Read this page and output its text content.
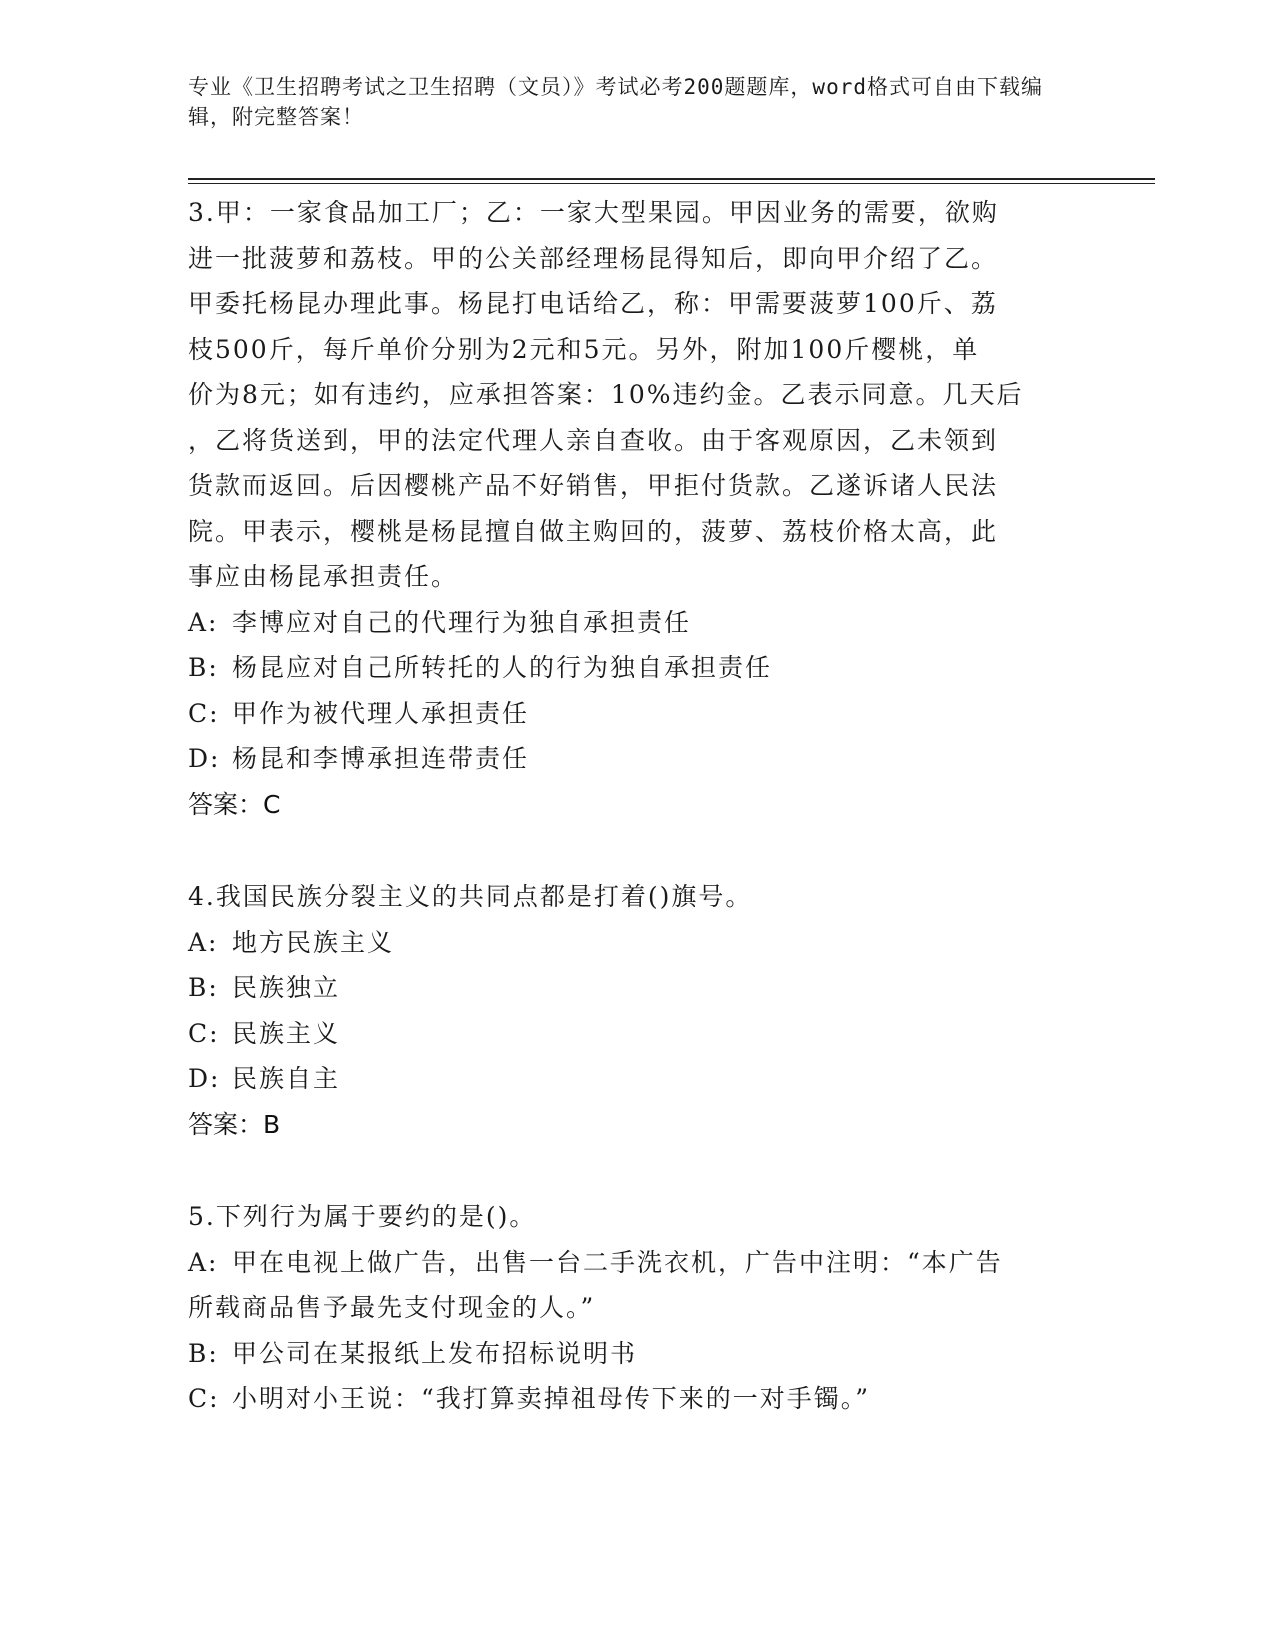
专业《卫生招聘考试之卫生招聘（文员）》考试必考200题题库，word格式可自由下载编辑，附完整答案！

3.甲：一家食品加工厂；乙：一家大型果园。甲因业务的需要，欲购

进一批菠萝和荔枝。甲的公关部经理杨昆得知后，即向甲介绍了乙。

甲委托杨昆办理此事。杨昆打电话给乙，称：甲需要菠萝100斤、荔

枝500斤，每斤单价分别为2元和5元。另外，附加100斤樱桃，单

价为8元；如有违约，应承担答案：10%违约金。乙表示同意。几天后

，乙将货送到，甲的法定代理人亲自查收。由于客观原因，乙未领到

货款而返回。后因樱桃产品不好销售，甲拒付货款。乙遂诉诸人民法

院。甲表示，樱桃是杨昆擅自做主购回的，菠萝、荔枝价格太高，此

事应由杨昆承担责任。

A: 李博应对自己的代理行为独自承担责任

B: 杨昆应对自己所转托的人的行为独自承担责任

C: 甲作为被代理人承担责任

D: 杨昆和李博承担连带责任

答案：C

4.我国民族分裂主义的共同点都是打着()旗号。

A: 地方民族主义

B: 民族独立

C: 民族主义

D: 民族自主

答案：B

5.下列行为属于要约的是()。

A: 甲在电视上做广告，出售一台二手洗衣机，广告中注明：“本广告

所载商品售予最先支付现金的人。”

B: 甲公司在某报纸上发布招标说明书

C: 小明对小王说：“我打算卖掉祖母传下来的一对手镯。”
